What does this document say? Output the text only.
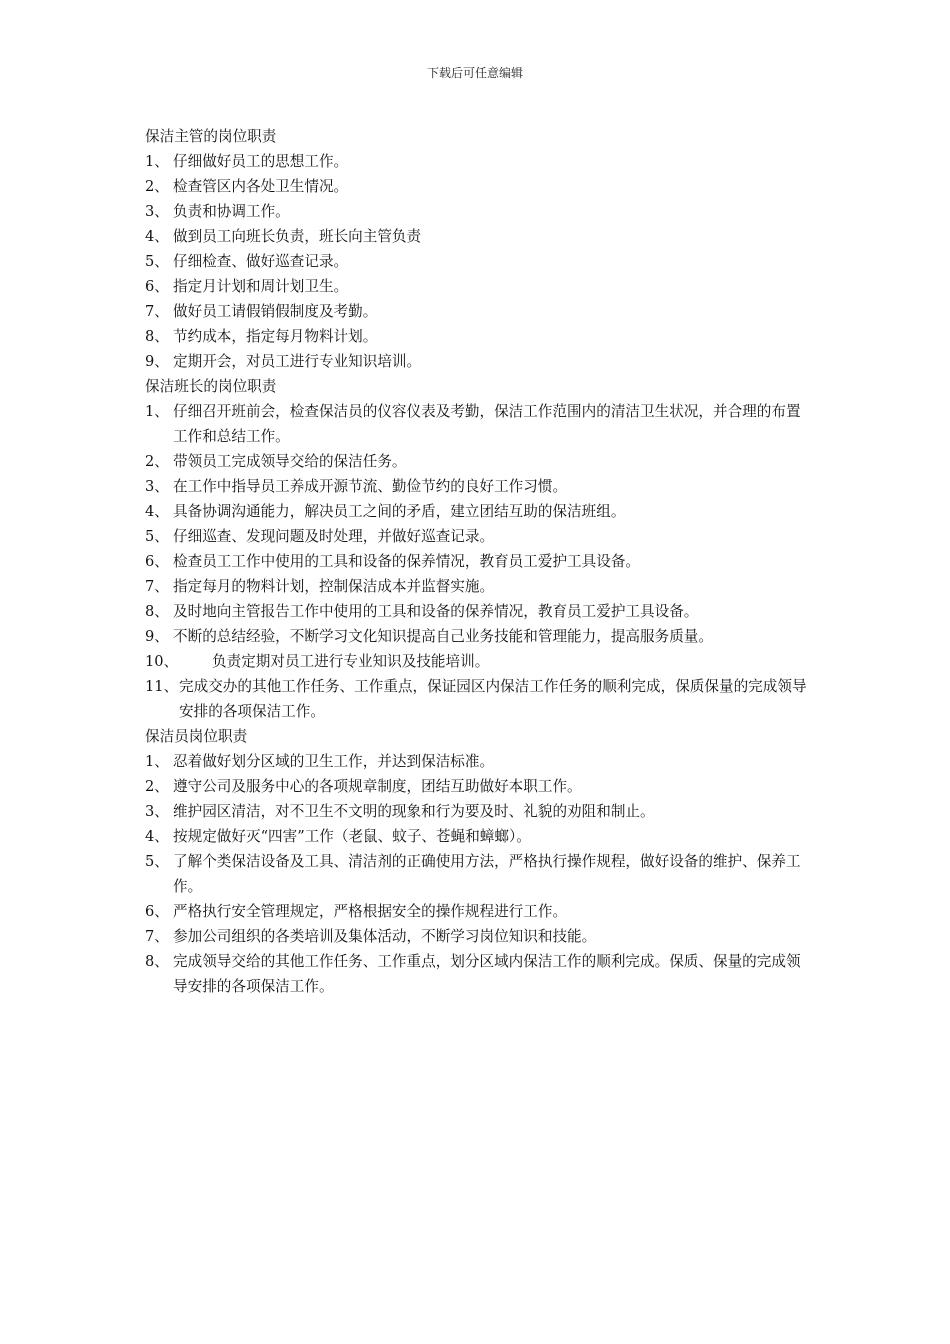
下载后可任意编辑
保洁主管的岗位职责
1、 仔细做好员工的思想工作。
2、 检查管区内各处卫生情况。
3、 负责和协调工作。
4、 做到员工向班长负责，班长向主管负责
5、 仔细检查、做好巡查记录。
6、 指定月计划和周计划卫生。
7、 做好员工请假销假制度及考勤。
8、 节约成本，指定每月物料计划。
9、 定期开会，对员工进行专业知识培训。
保洁班长的岗位职责
1、 仔细召开班前会，检查保洁员的仪容仪表及考勤，保洁工作范围内的清洁卫生状况，并合理的布置工作和总结工作。
2、 带领员工完成领导交给的保洁任务。
3、 在工作中指导员工养成开源节流、勤俭节约的良好工作习惯。
4、 具备协调沟通能力，解决员工之间的矛盾，建立团结互助的保洁班组。
5、 仔细巡查、发现问题及时处理，并做好巡查记录。
6、 检查员工工作中使用的工具和设备的保养情况，教育员工爱护工具设备。
7、 指定每月的物料计划，控制保洁成本并监督实施。
8、 及时地向主管报告工作中使用的工具和设备的保养情况，教育员工爱护工具设备。
9、 不断的总结经验，不断学习文化知识提高自己业务技能和管理能力，提高服务质量。
10、 负责定期对员工进行专业知识及技能培训。
11、 完成交办的其他工作任务、工作重点，保证园区内保洁工作任务的顺利完成，保质保量的完成领导安排的各项保洁工作。
保洁员岗位职责
1、 忍着做好划分区域的卫生工作，并达到保洁标准。
2、 遵守公司及服务中心的各项规章制度，团结互助做好本职工作。
3、 维护园区清洁，对不卫生不文明的现象和行为要及时、礼貌的劝阻和制止。
4、 按规定做好灭“四害”工作（老鼠、蚊子、苍蝇和蟑螂）。
5、 了解个类保洁设备及工具、清洁剂的正确使用方法，严格执行操作规程，做好设备的维护、保养工作。
6、 严格执行安全管理规定，严格根据安全的操作规程进行工作。
7、 参加公司组织的各类培训及集体活动，不断学习岗位知识和技能。
8、 完成领导交给的其他工作任务、工作重点，划分区域内保洁工作的顺利完成。保质、保量的完成领导安排的各项保洁工作。
